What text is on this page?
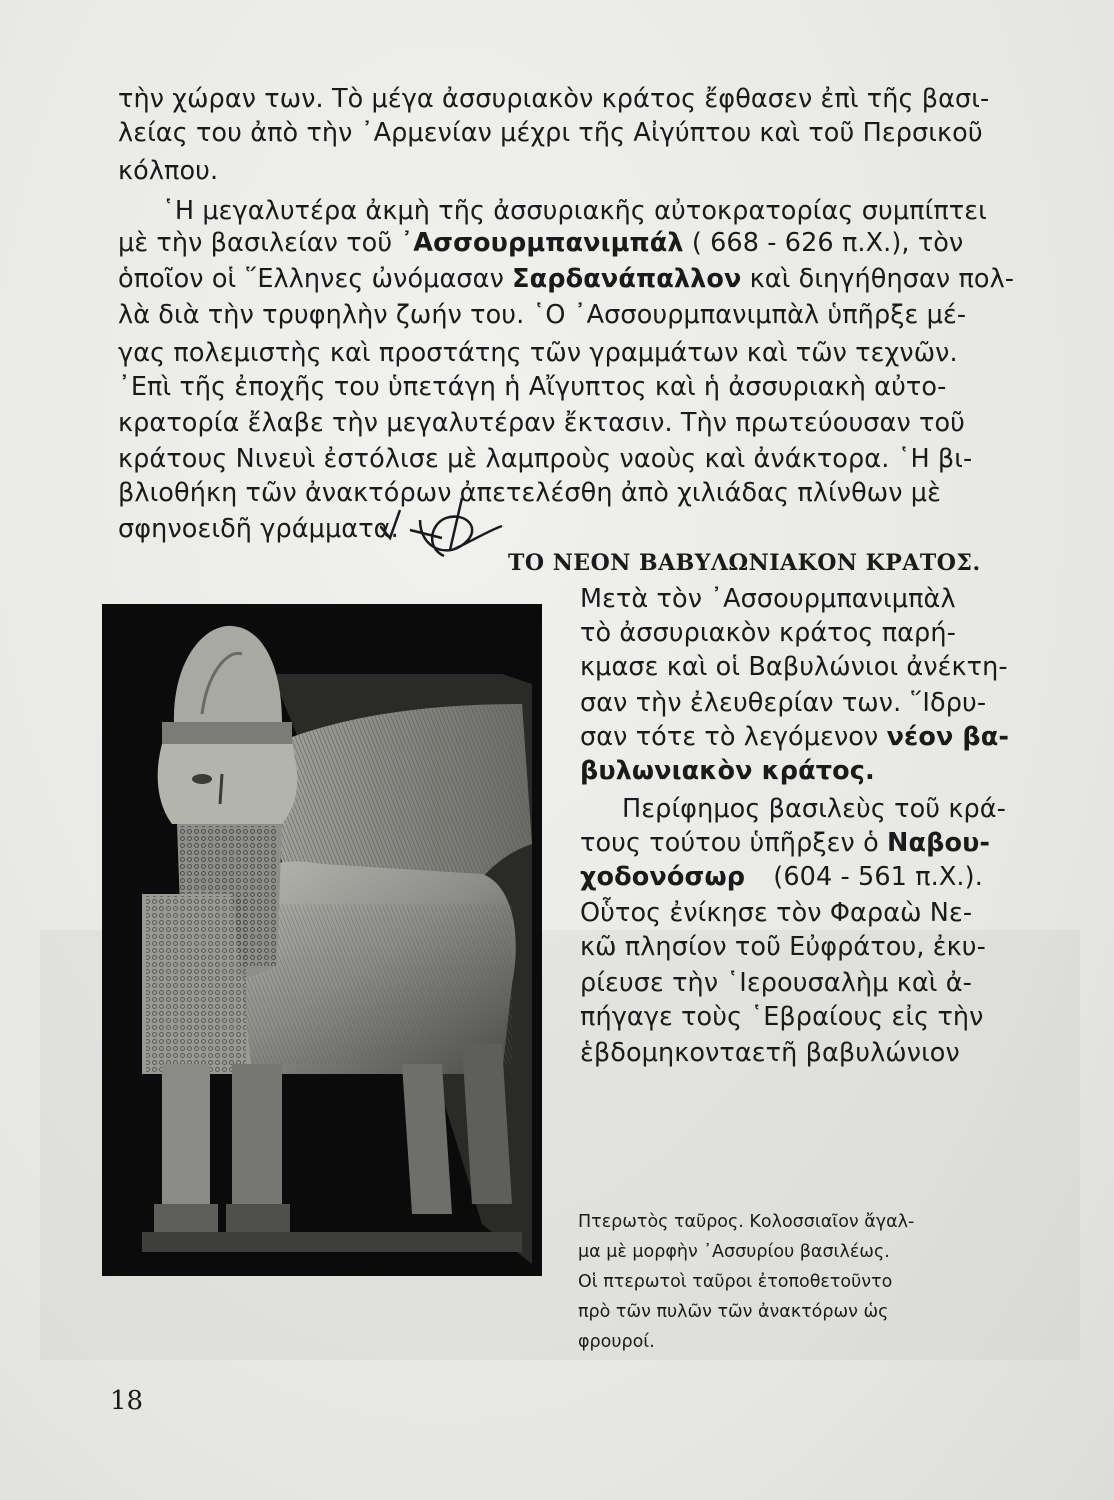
τὴν χώραν των. Τὸ μέγα ἀσσυριακὸν κράτος ἔφθασεν ἐπὶ τῆς βασι-
λείας του ἀπὸ τὴν ᾿Αρμενίαν μέχρι τῆς Αἰγύπτου καὶ τοῦ Περσικοῦ
κόλπου.
῾Η μεγαλυτέρα ἀκμὴ τῆς ἀσσυριακῆς αὐτοκρατορίας συμπίπτει
μὲ τὴν βασιλείαν τοῦ ᾿Ασσουρμπανιμπάλ ( 668 - 626 π.Χ.), τὸν
ὁποῖον οἱ ῞Ελληνες ὠνόμασαν Σαρδανάπαλλον καὶ διηγήθησαν πολ-
λὰ διὰ τὴν τρυφηλὴν ζωήν του. ῾Ο ᾿Ασσουρμπανιμπὰλ ὑπῆρξε μέ-
γας πολεμιστὴς καὶ προστάτης τῶν γραμμάτων καὶ τῶν τεχνῶν.
᾿Επὶ τῆς ἐποχῆς του ὑπετάγη ἡ Αἴγυπτος καὶ ἡ ἀσσυριακὴ αὐτο-
κρατορία ἔλαβε τὴν μεγαλυτέραν ἔκτασιν. Τὴν πρωτεύουσαν τοῦ
κράτους Νινευὶ ἐστόλισε μὲ λαμπροὺς ναοὺς καὶ ἀνάκτορα. ῾Η βι-
βλιοθήκη τῶν ἀνακτόρων ἀπετελέσθη ἀπὸ χιλιάδας πλίνθων μὲ
σφηνοειδῆ γράμματα.
ΤΟ ΝΕΟΝ ΒΑΒΥΛΩΝΙΑΚΟΝ ΚΡΑΤΟΣ.
Μετὰ τὸν ᾿Ασσουρμπανιμπὰλ
τὸ ἀσσυριακὸν κράτος παρή-
κμασε καὶ οἱ Βαβυλώνιοι ἀνέκτη-
σαν τὴν ἐλευθερίαν των. ῞Ιδρυ-
σαν τότε τὸ λεγόμενον νέον βα-
βυλωνιακὸν κράτος.
Περίφημος βασιλεὺς τοῦ κρά-
τους τούτου ὑπῆρξεν ὁ Ναβου-
χοδονόσωρ (604 - 561 π.Χ.).
Οὗτος ἐνίκησε τὸν Φαραὼ Νε-
κῶ πλησίον τοῦ Εὐφράτου, ἐκυ-
ρίευσε τὴν ῾Ιερουσαλὴμ καὶ ἀ-
πήγαγε τοὺς ῾Εβραίους εἰς τὴν
ἑβδομηκονταετῆ βαβυλώνιον
Πτερωτὸς ταῦρος. Κολοσσιαῖον ἄγαλ-
μα μὲ μορφὴν ᾿Ασσυρίου βασιλέως.
Οἱ πτερωτοὶ ταῦροι ἐτοποθετοῦντο
πρὸ τῶν πυλῶν τῶν ἀνακτόρων ὡς
φρουροί.
18
